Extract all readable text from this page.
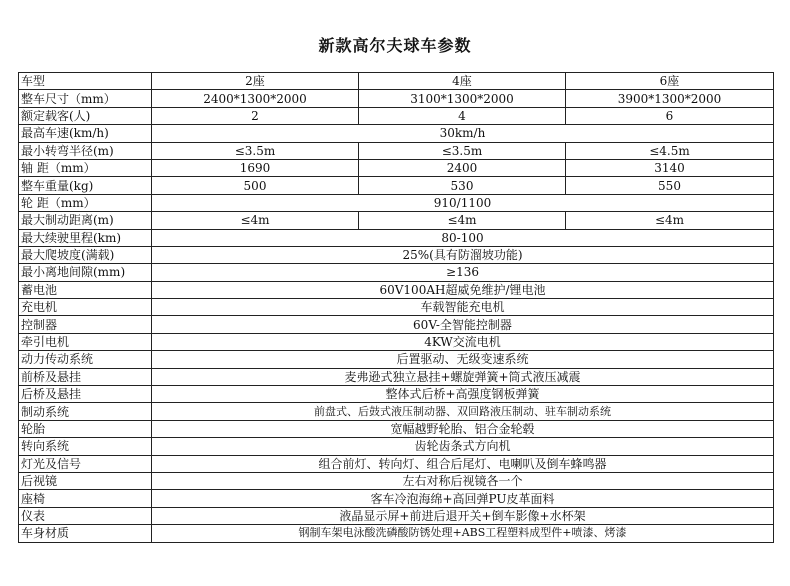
新款高尔夫球车参数
车型	2座	4座	6座
整车尺寸（mm）	2400*1300*2000	3100*1300*2000	3900*1300*2000
额定载客(人)	2	4	6
最高车速(km/h)	30km/h		
最小转弯半径(m)	≤3.5m	≤3.5m	≤4.5m
轴 距（mm）	1690	2400	3140
整车重量(kg)	500	530	550
轮 距（mm）	910/1100		
最大制动距离(m)	≤4m	≤4m	≤4m
最大续驶里程(km)	80-100		
最大爬坡度(满载)	25%(具有防溜坡功能)		
最小离地间隙(mm)	≥136		
蓄电池	60V100AH超威免维护/锂电池		
充电机	车载智能充电机		
控制器	60V-全智能控制器		
牵引电机	4KW交流电机		
动力传动系统	后置驱动、无级变速系统		
前桥及悬挂	麦弗逊式独立悬挂+螺旋弹簧+筒式液压减震		
后桥及悬挂	整体式后桥+高强度钢板弹簧		
制动系统	前盘式、后鼓式液压制动器、双回路液压制动、驻车制动系统		
轮胎	宽幅越野轮胎、铝合金轮毂		
转向系统	齿轮齿条式方向机		
灯光及信号	组合前灯、转向灯、组合后尾灯、电喇叭及倒车蜂鸣器		
后视镜	左右对称后视镜各一个		
座椅	客车冷泡海绵+高回弹PU皮革面料		
仪表	液晶显示屏+前进后退开关+倒车影像+水杯架		
车身材质	钢制车架电泳酸洗磷酸防锈处理+ABS工程塑料成型件+喷漆、烤漆		
